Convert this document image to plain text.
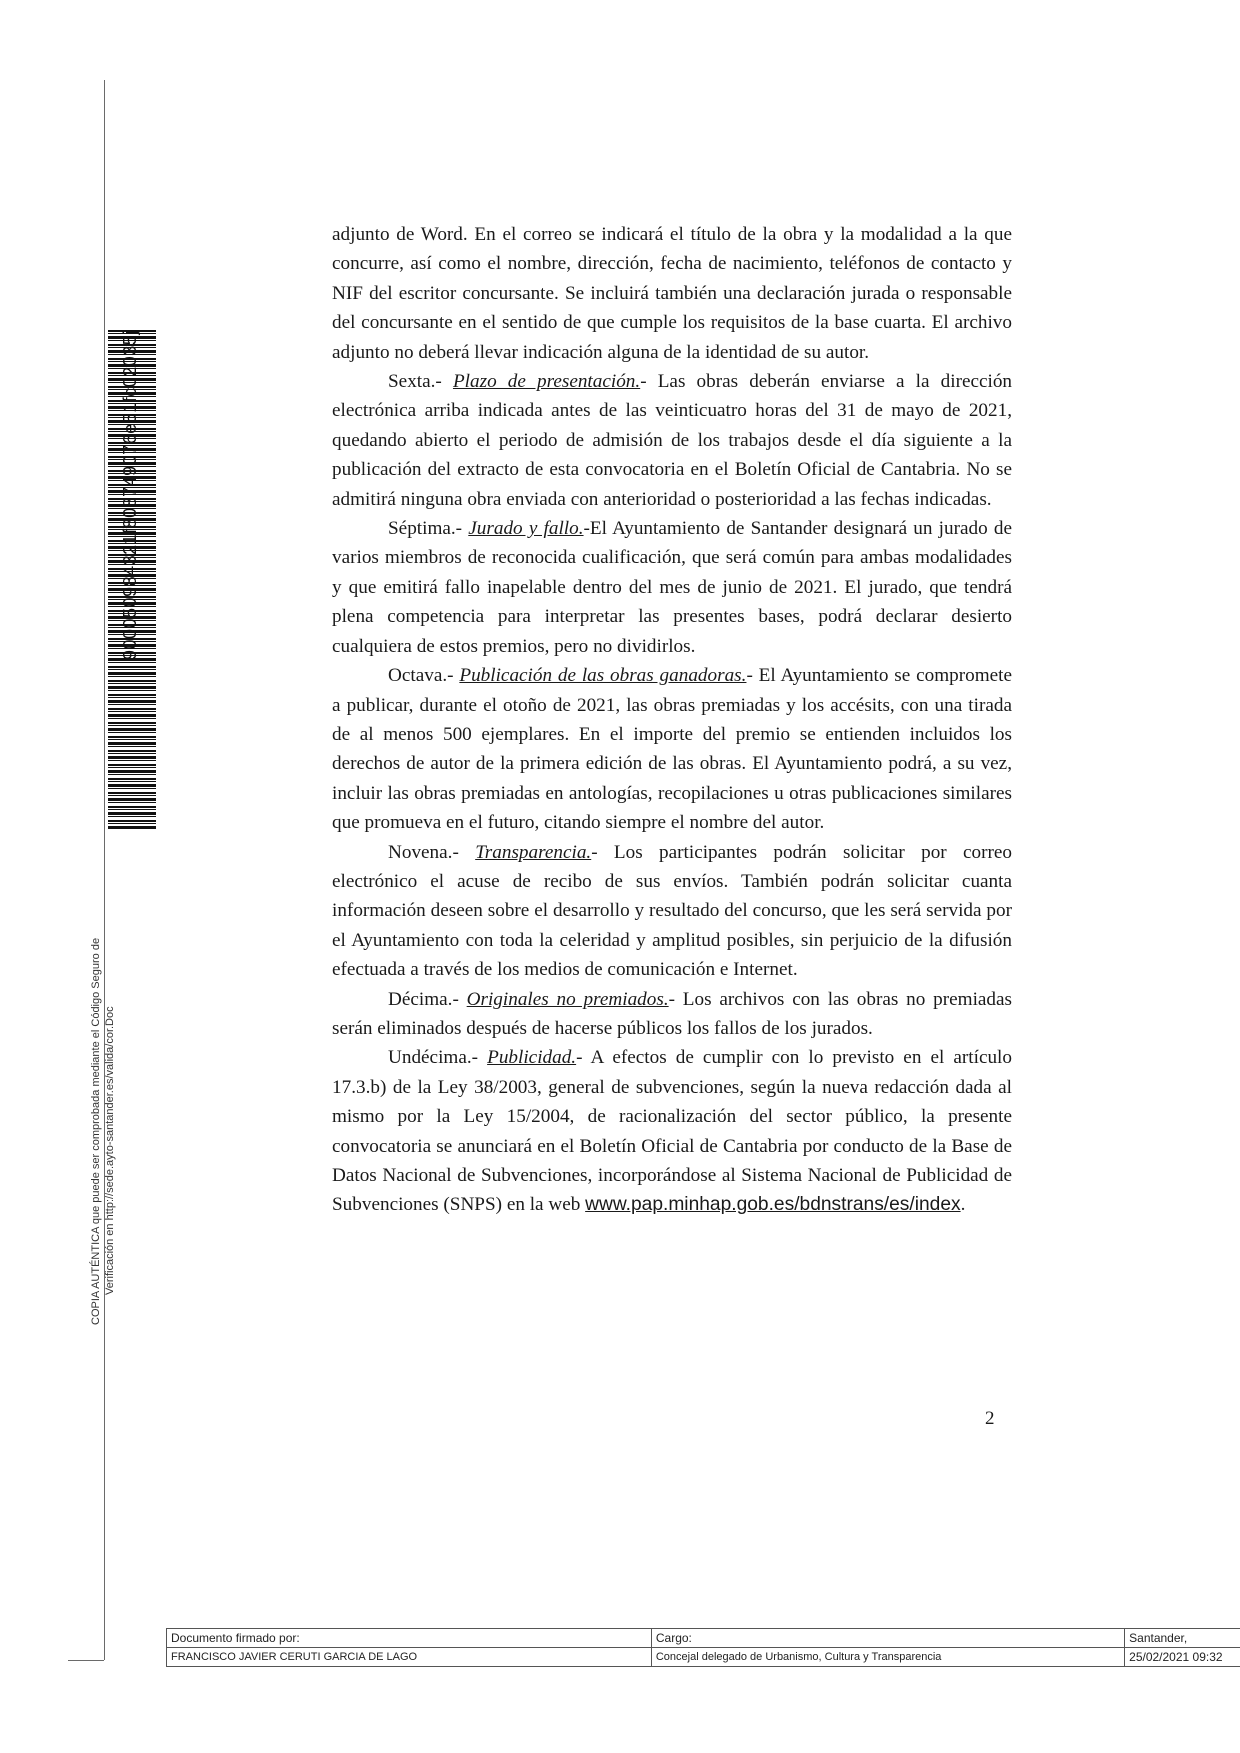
900050984321f808749076e51fc02035j
COPIA AUTÉNTICA que puede ser comprobada mediante el Código Seguro de Verificación en http://sede.ayto-santander.es/valida/cor.Doc

adjunto de Word. En el correo se indicará el título de la obra y la modalidad a la que concurre, así como el nombre, dirección, fecha de nacimiento, teléfonos de contacto y NIF del escritor concursante. Se incluirá también una declaración jurada o responsable del concursante en el sentido de que cumple los requisitos de la base cuarta. El archivo adjunto no deberá llevar indicación alguna de la identidad de su autor.

Sexta.- Plazo de presentación.- Las obras deberán enviarse a la dirección electrónica arriba indicada antes de las veinticuatro horas del 31 de mayo de 2021, quedando abierto el periodo de admisión de los trabajos desde el día siguiente a la publicación del extracto de esta convocatoria en el Boletín Oficial de Cantabria. No se admitirá ninguna obra enviada con anterioridad o posterioridad a las fechas indicadas.

Séptima.- Jurado y fallo.-El Ayuntamiento de Santander designará un jurado de varios miembros de reconocida cualificación, que será común para ambas modalidades y que emitirá fallo inapelable dentro del mes de junio de 2021. El jurado, que tendrá plena competencia para interpretar las presentes bases, podrá declarar desierto cualquiera de estos premios, pero no dividirlos.

Octava.- Publicación de las obras ganadoras.- El Ayuntamiento se compromete a publicar, durante el otoño de 2021, las obras premiadas y los accésits, con una tirada de al menos 500 ejemplares. En el importe del premio se entienden incluidos los derechos de autor de la primera edición de las obras. El Ayuntamiento podrá, a su vez, incluir las obras premiadas en antologías, recopilaciones u otras publicaciones similares que promueva en el futuro, citando siempre el nombre del autor.

Novena.- Transparencia.- Los participantes podrán solicitar por correo electrónico el acuse de recibo de sus envíos. También podrán solicitar cuanta información deseen sobre el desarrollo y resultado del concurso, que les será servida por el Ayuntamiento con toda la celeridad y amplitud posibles, sin perjuicio de la difusión efectuada a través de los medios de comunicación e Internet.

Décima.- Originales no premiados.- Los archivos con las obras no premiadas serán eliminados después de hacerse públicos los fallos de los jurados.

Undécima.- Publicidad.- A efectos de cumplir con lo previsto en el artículo 17.3.b) de la Ley 38/2003, general de subvenciones, según la nueva redacción dada al mismo por la Ley 15/2004, de racionalización del sector público, la presente convocatoria se anunciará en el Boletín Oficial de Cantabria por conducto de la Base de Datos Nacional de Subvenciones, incorporándose al Sistema Nacional de Publicidad de Subvenciones (SNPS) en la web www.pap.minhap.gob.es/bdnstrans/es/index.

2
Documento firmado por:	Cargo:	Santander,
FRANCISCO JAVIER CERUTI GARCIA DE LAGO	Concejal delegado de Urbanismo, Cultura y Transparencia	25/02/2021 09:32
